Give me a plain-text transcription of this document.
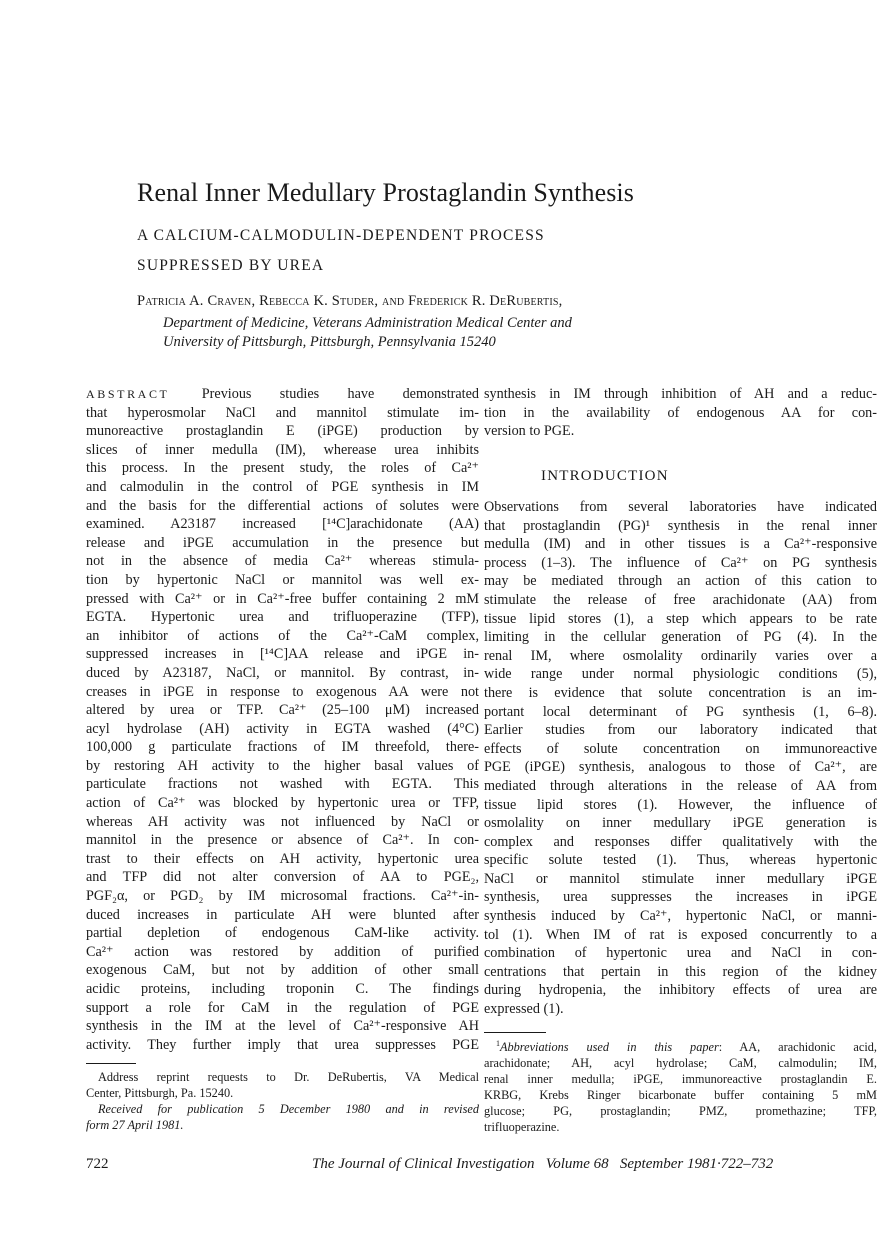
Renal Inner Medullary Prostaglandin Synthesis
A CALCIUM-CALMODULIN-DEPENDENT PROCESS
SUPPRESSED BY UREA
Patricia A. Craven, Rebecca K. Studer, and Frederick R. DeRubertis,
Department of Medicine, Veterans Administration Medical Center and
University of Pittsburgh, Pittsburgh, Pennsylvania 15240
ABSTRACT Previous studies have demonstrated
that hyperosmolar NaCl and mannitol stimulate im-
munoreactive prostaglandin E (iPGE) production by
slices of inner medulla (IM), wherease urea inhibits
this process. In the present study, the roles of Ca²⁺
and calmodulin in the control of PGE synthesis in IM
and the basis for the differential actions of solutes were
examined. A23187 increased [¹⁴C]arachidonate (AA)
release and iPGE accumulation in the presence but
not in the absence of media Ca²⁺ whereas stimula-
tion by hypertonic NaCl or mannitol was well ex-
pressed with Ca²⁺ or in Ca²⁺-free buffer containing 2 mM
EGTA. Hypertonic urea and trifluoperazine (TFP),
an inhibitor of actions of the Ca²⁺-CaM complex,
suppressed increases in [¹⁴C]AA release and iPGE in-
duced by A23187, NaCl, or mannitol. By contrast, in-
creases in iPGE in response to exogenous AA were not
altered by urea or TFP. Ca²⁺ (25–100 μM) increased
acyl hydrolase (AH) activity in EGTA washed (4°C)
100,000 g particulate fractions of IM threefold, there-
by restoring AH activity to the higher basal values of
particulate fractions not washed with EGTA. This
action of Ca²⁺ was blocked by hypertonic urea or TFP,
whereas AH activity was not influenced by NaCl or
mannitol in the presence or absence of Ca²⁺. In con-
trast to their effects on AH activity, hypertonic urea
and TFP did not alter conversion of AA to PGE₂,
PGF₂α, or PGD₂ by IM microsomal fractions. Ca²⁺-in-
duced increases in particulate AH were blunted after
partial depletion of endogenous CaM-like activity.
Ca²⁺ action was restored by addition of purified
exogenous CaM, but not by addition of other small
acidic proteins, including troponin C. The findings
support a role for CaM in the regulation of PGE
synthesis in the IM at the level of Ca²⁺-responsive AH
activity. They further imply that urea suppresses PGE
synthesis in IM through inhibition of AH and a reduc-
tion in the availability of endogenous AA for con-
version to PGE.
INTRODUCTION
Observations from several laboratories have indicated
that prostaglandin (PG)¹ synthesis in the renal inner
medulla (IM) and in other tissues is a Ca²⁺-responsive
process (1–3). The influence of Ca²⁺ on PG synthesis
may be mediated through an action of this cation to
stimulate the release of free arachidonate (AA) from
tissue lipid stores (1), a step which appears to be rate
limiting in the cellular generation of PG (4). In the
renal IM, where osmolality ordinarily varies over a
wide range under normal physiologic conditions (5),
there is evidence that solute concentration is an im-
portant local determinant of PG synthesis (1, 6–8).
Earlier studies from our laboratory indicated that
effects of solute concentration on immunoreactive
PGE (iPGE) synthesis, analogous to those of Ca²⁺, are
mediated through alterations in the release of AA from
tissue lipid stores (1). However, the influence of
osmolality on inner medullary iPGE generation is
complex and responses differ qualitatively with the
specific solute tested (1). Thus, whereas hypertonic
NaCl or mannitol stimulate inner medullary iPGE
synthesis, urea suppresses the increases in iPGE
synthesis induced by Ca²⁺, hypertonic NaCl, or manni-
tol (1). When IM of rat is exposed concurrently to a
combination of hypertonic urea and NaCl in con-
centrations that pertain in this region of the kidney
during hydropenia, the inhibitory effects of urea are
expressed (1).
Address reprint requests to Dr. DeRubertis, VA Medical
Center, Pittsburgh, Pa. 15240.
Received for publication 5 December 1980 and in revised
form 27 April 1981.
$^1$Abbreviations used in this paper: AA, arachidonic acid,
arachidonate; AH, acyl hydrolase; CaM, calmodulin; IM,
renal inner medulla; iPGE, immunoreactive prostaglandin E.
KRBG, Krebs Ringer bicarbonate buffer containing 5 mM
glucose; PG, prostaglandin; PMZ, promethazine; TFP,
trifluoperazine.
722	The Journal of Clinical Investigation   Volume 68   September 1981·722–732
